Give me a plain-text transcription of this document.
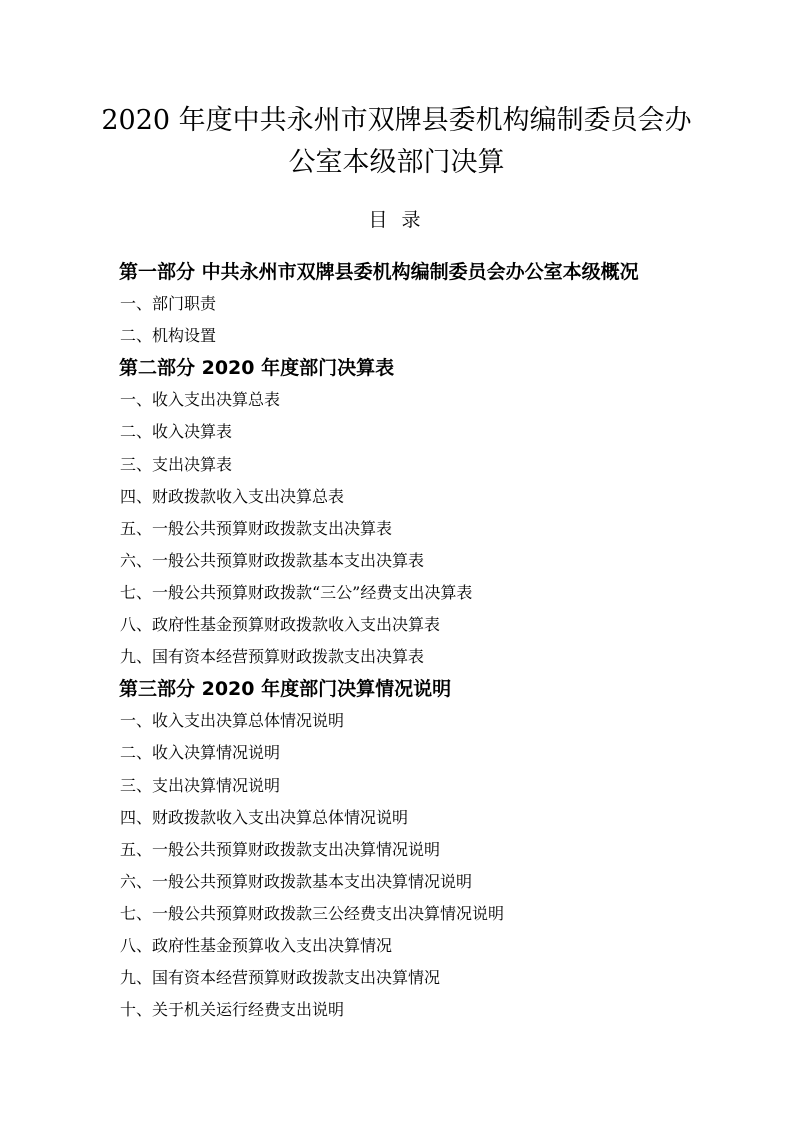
2020 年度中共永州市双牌县委机构编制委员会办
公室本级部门决算
目 录
第一部分 中共永州市双牌县委机构编制委员会办公室本级概况
一、部门职责
二、机构设置
第二部分 2020 年度部门决算表
一、收入支出决算总表
二、收入决算表
三、支出决算表
四、财政拨款收入支出决算总表
五、一般公共预算财政拨款支出决算表
六、一般公共预算财政拨款基本支出决算表
七、一般公共预算财政拨款“三公”经费支出决算表
八、政府性基金预算财政拨款收入支出决算表
九、国有资本经营预算财政拨款支出决算表
第三部分 2020 年度部门决算情况说明
一、收入支出决算总体情况说明
二、收入决算情况说明
三、支出决算情况说明
四、财政拨款收入支出决算总体情况说明
五、一般公共预算财政拨款支出决算情况说明
六、一般公共预算财政拨款基本支出决算情况说明
七、一般公共预算财政拨款三公经费支出决算情况说明
八、政府性基金预算收入支出决算情况
九、国有资本经营预算财政拨款支出决算情况
十、关于机关运行经费支出说明
